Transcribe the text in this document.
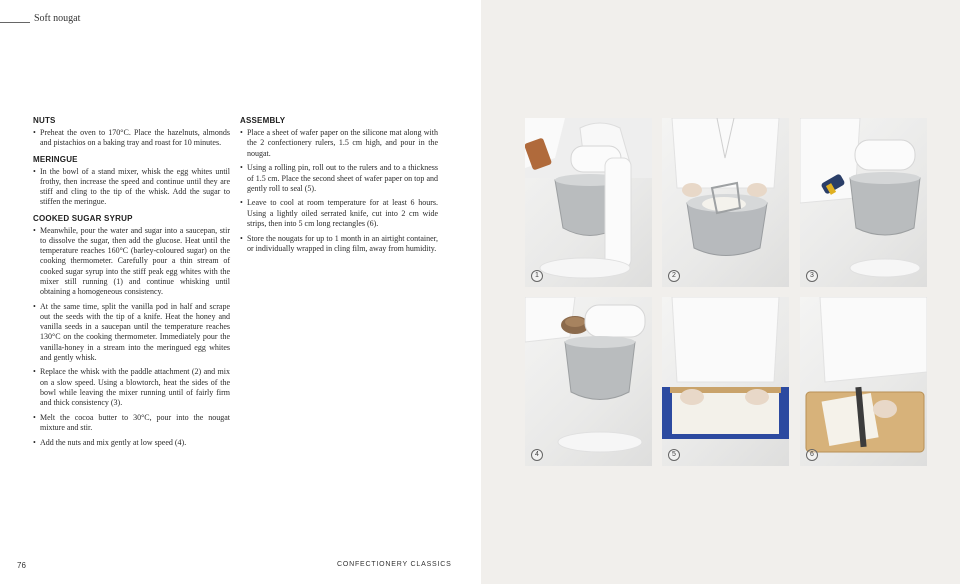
Soft nougat
NUTS
• Preheat the oven to 170°C. Place the hazelnuts, almonds and pistachios on a baking tray and roast for 10 minutes.
MERINGUE
• In the bowl of a stand mixer, whisk the egg whites until frothy, then increase the speed and continue until they are stiff and cling to the tip of the whisk. Add the sugar to stiffen the meringue.
COOKED SUGAR SYRUP
• Meanwhile, pour the water and sugar into a saucepan, stir to dissolve the sugar, then add the glucose. Heat until the temperature reaches 160°C (barley-coloured sugar) on the cooking thermometer. Carefully pour a thin stream of cooked sugar syrup into the stiff peak egg whites with the mixer still running (1) and continue whisking until obtaining a homogeneous consistency.
• At the same time, split the vanilla pod in half and scrape out the seeds with the tip of a knife. Heat the honey and vanilla seeds in a saucepan until the temperature reaches 130°C on the cooking thermometer. Immediately pour the vanilla-honey in a stream into the meringued egg whites and gently whisk.
• Replace the whisk with the paddle attachment (2) and mix on a slow speed. Using a blowtorch, heat the sides of the bowl while leaving the mixer running until of fairly firm and thick consistency (3).
• Melt the cocoa butter to 30°C, pour into the nougat mixture and stir.
• Add the nuts and mix gently at low speed (4).
ASSEMBLY
• Place a sheet of wafer paper on the silicone mat along with the 2 confectionery rulers, 1.5 cm high, and pour in the nougat.
• Using a rolling pin, roll out to the rulers and to a thickness of 1.5 cm. Place the second sheet of wafer paper on top and gently roll to seal (5).
• Leave to cool at room temperature for at least 6 hours. Using a lightly oiled serrated knife, cut into 2 cm wide strips, then into 5 cm long rectangles (6).
• Store the nougats for up to 1 month in an airtight container, or individually wrapped in cling film, away from humidity.
76	CONFECTIONERY CLASSICS
1	2	3
4	5	6
